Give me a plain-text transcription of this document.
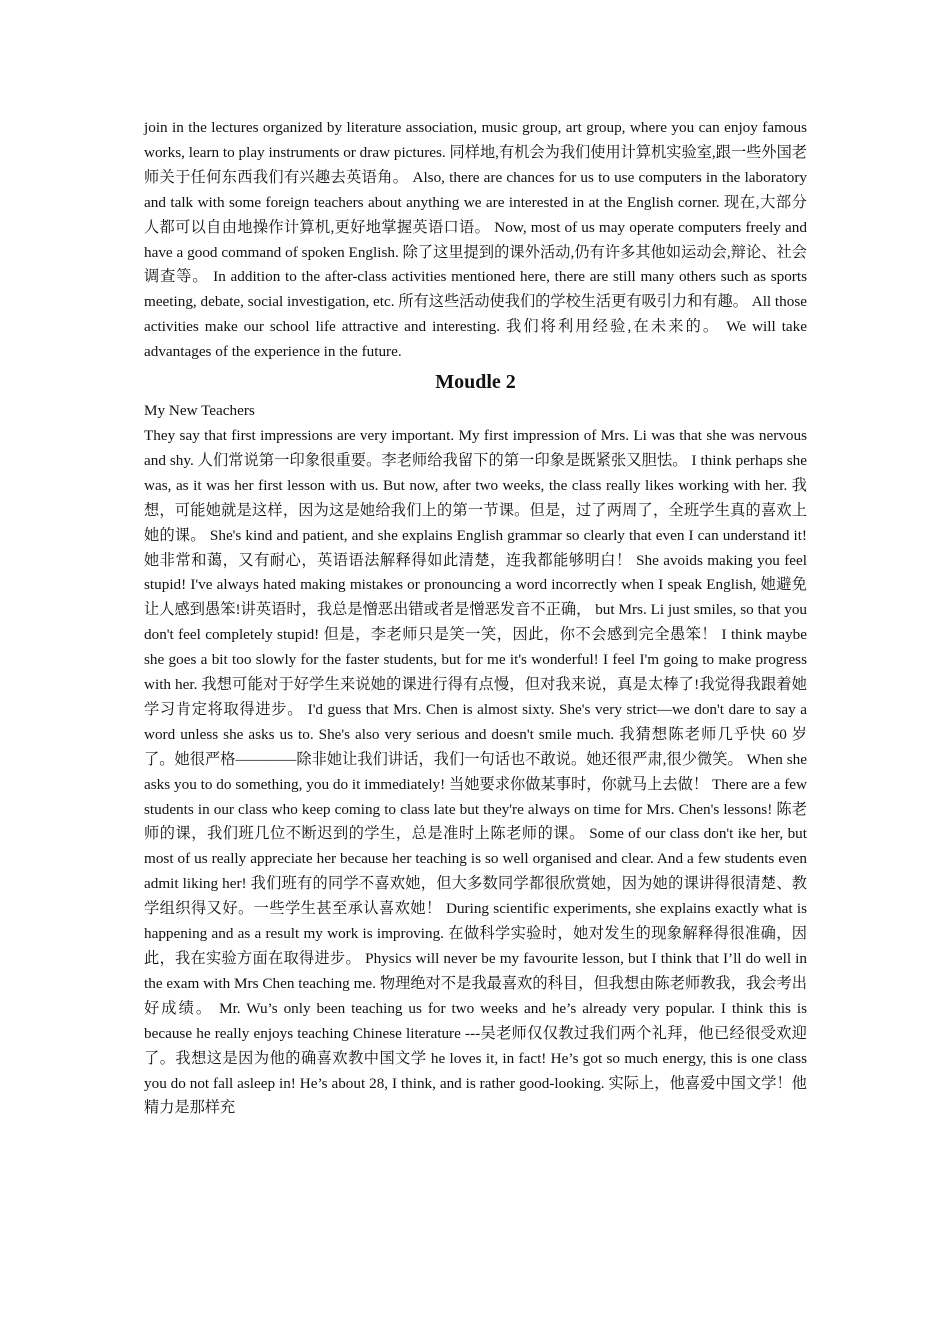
join in the lectures organized by literature association, music group, art group, where you can enjoy famous works, learn to play instruments or draw pictures. 同样地,有机会为我们使用计算机实验室,跟一些外国老师关于任何东西我们有兴趣去英语角。 Also, there are chances for us to use computers in the laboratory and talk with some foreign teachers about anything we are interested in at the English corner. 现在,大部分人都可以自由地操作计算机,更好地掌握英语口语。 Now, most of us may operate computers freely and have a good command of spoken English. 除了这里提到的课外活动,仍有许多其他如运动会,辩论、社会调查等。 In addition to the after-class activities mentioned here, there are still many others such as sports meeting, debate, social investigation, etc. 所有这些活动使我们的学校生活更有吸引力和有趣。 All those activities make our school life attractive and interesting. 我们将利用经验,在未来的。 We will take advantages of the experience in the future.

Moudle 2

My New Teachers

They say that first impressions are very important. My first impression of Mrs. Li was that she was nervous and shy. 人们常说第一印象很重要。李老师给我留下的第一印象是既紧张又胆怯。 I think perhaps she was, as it was her first lesson with us. But now, after two weeks, the class really likes working with her. 我想，可能她就是这样，因为这是她给我们上的第一节课。但是，过了两周了，全班学生真的喜欢上她的课。 She's kind and patient, and she explains English grammar so clearly that even I can understand it! 她非常和蔼，又有耐心，英语语法解释得如此清楚，连我都能够明白！ She avoids making you feel stupid! I've always hated making mistakes or pronouncing a word incorrectly when I speak English, 她避免让人感到愚笨!讲英语时，我总是憎恶出错或者是憎恶发音不正确， but Mrs. Li just smiles, so that you don't feel completely stupid! 但是，李老师只是笑一笑，因此，你不会感到完全愚笨！ I think maybe she goes a bit too slowly for the faster students, but for me it's wonderful! I feel I'm going to make progress with her. 我想可能对于好学生来说她的课进行得有点慢，但对我来说，真是太棒了!我觉得我跟着她学习肯定将取得进步。 I'd guess that Mrs. Chen is almost sixty. She's very strict—we don't dare to say a word unless she asks us to. She's also very serious and doesn't smile much. 我猜想陈老师几乎快 60 岁了。她很严格————除非她让我们讲话，我们一句话也不敢说。她还很严肃,很少微笑。 When she asks you to do something, you do it immediately! 当她要求你做某事时，你就马上去做！ There are a few students in our class who keep coming to class late but they're always on time for Mrs. Chen's lessons! 陈老师的课，我们班几位不断迟到的学生，总是准时上陈老师的课。 Some of our class don't ike her, but most of us really appreciate her because her teaching is so well organised and clear. And a few students even admit liking her! 我们班有的同学不喜欢她，但大多数同学都很欣赏她，因为她的课讲得很清楚、教学组织得又好。一些学生甚至承认喜欢她！ During scientific experiments, she explains exactly what is happening and as a result my work is improving. 在做科学实验时，她对发生的现象解释得很准确，因此，我在实验方面在取得进步。 Physics will never be my favourite lesson, but I think that I’ll do well in the exam with Mrs Chen teaching me. 物理绝对不是我最喜欢的科目，但我想由陈老师教我，我会考出好成绩。 Mr. Wu’s only been teaching us for two weeks and he’s already very popular. I think this is because he really enjoys teaching Chinese literature ---吴老师仅仅教过我们两个礼拜，他已经很受欢迎了。我想这是因为他的确喜欢教中国文学 he loves it, in fact! He’s got so much energy, this is one class you do not fall asleep in! He’s about 28, I think, and is rather good-looking. 实际上，他喜爱中国文学！他精力是那样充
